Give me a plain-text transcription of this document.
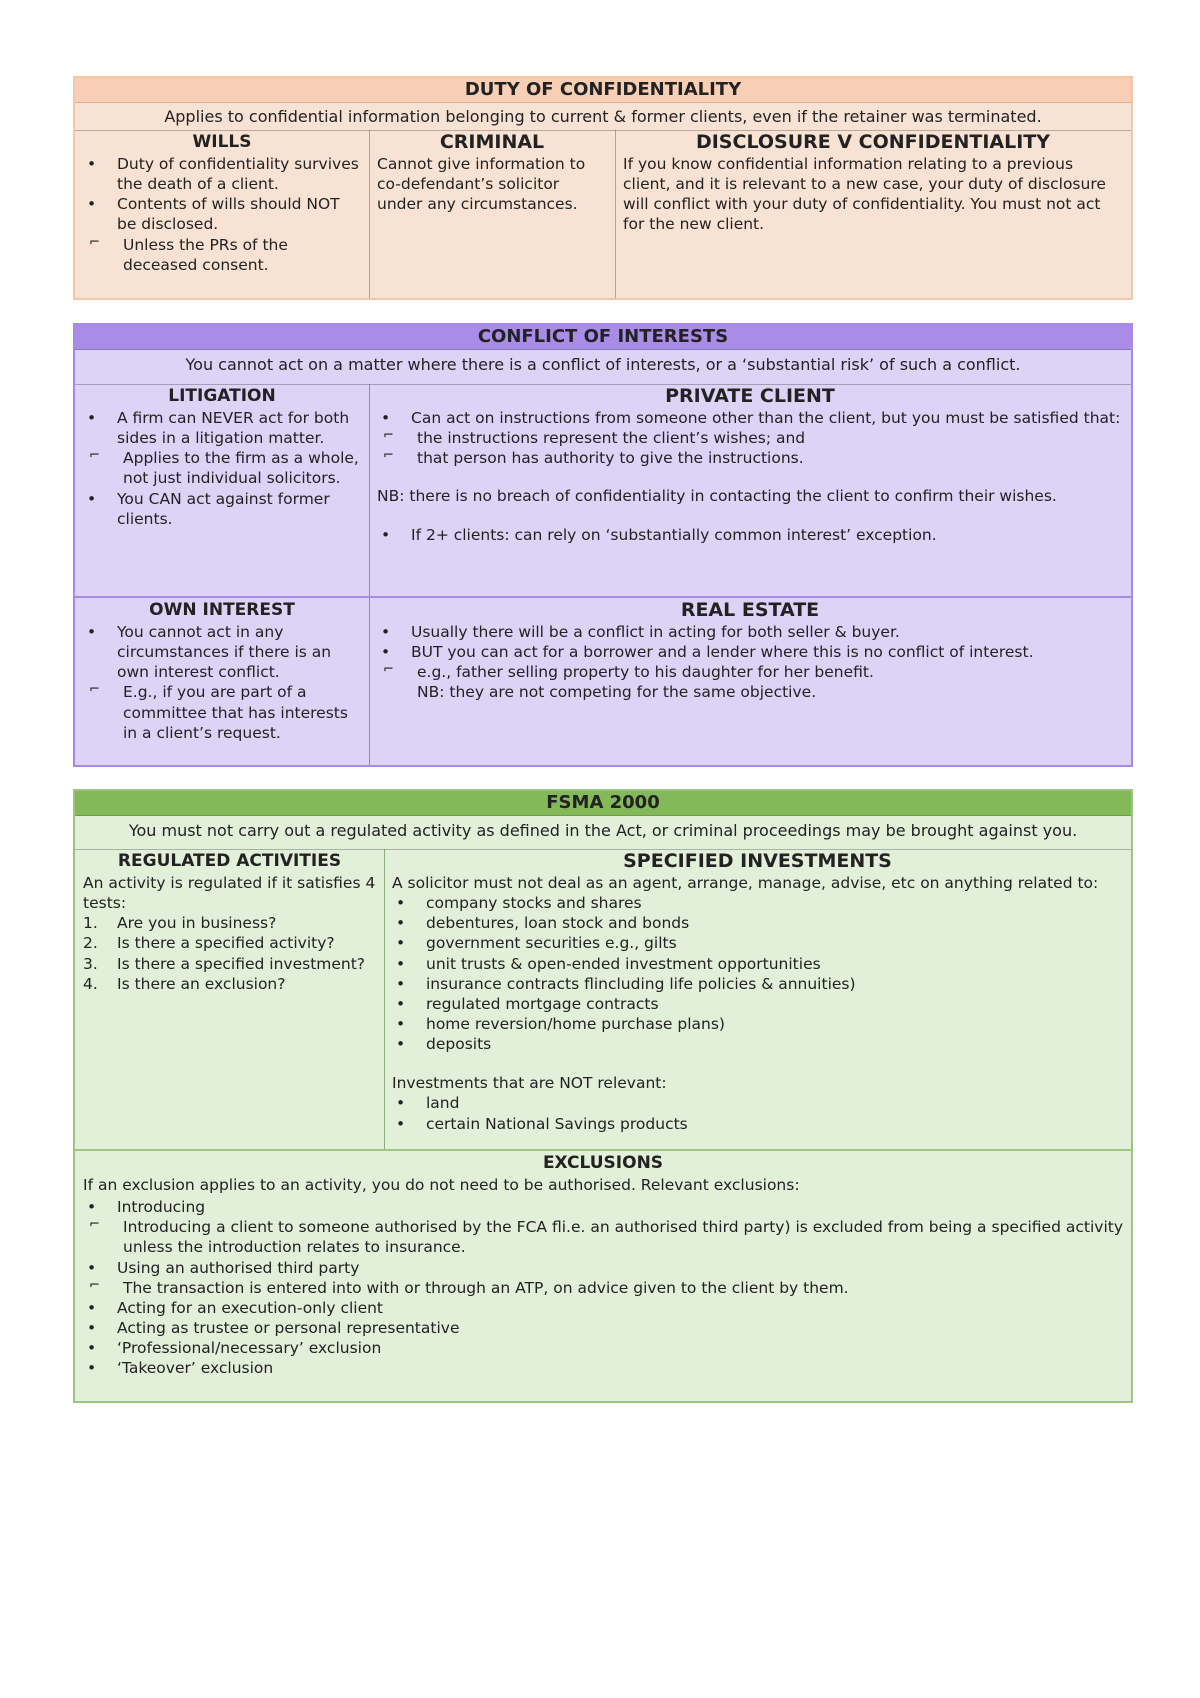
DUTY OF CONFIDENTIALITY
Applies to confidential information belonging to current & former clients, even if the retainer was terminated.
WILLS
• Duty of confidentiality survives the death of a client.
• Contents of wills should NOT be disclosed.
⌐ Unless the PRs of the deceased consent.
CRIMINAL

Cannot give information to co-defendant’s solicitor under any circumstances.

DISCLOSURE V CONFIDENTIALITY

If you know confidential information relating to a previous client, and it is relevant to a new case, your duty of disclosure will conflict with your duty of confidentiality. You must not act for the new client.

CONFLICT OF INTERESTS
You cannot act on a matter where there is a conflict of interests, or a ‘substantial risk’ of such a conflict.
LITIGATION
• A firm can NEVER act for both sides in a litigation matter.
⌐ Applies to the firm as a whole, not just individual solicitors.
• You CAN act against former clients.
PRIVATE CLIENT
• Can act on instructions from someone other than the client, but you must be satisfied that:
⌐ the instructions represent the client’s wishes; and
⌐ that person has authority to give the instructions.

NB: there is no breach of confidentiality in contacting the client to confirm their wishes.

• If 2+ clients: can rely on ‘substantially common interest’ exception.
OWN INTEREST
• You cannot act in any circumstances if there is an own interest conflict.
⌐ E.g., if you are part of a committee that has interests in a client’s request.
REAL ESTATE
• Usually there will be a conflict in acting for both seller & buyer.
• BUT you can act for a borrower and a lender where this is no conflict of interest.
⌐ e.g., father selling property to his daughter for her benefit.
NB: they are not competing for the same objective.
FSMA 2000
You must not carry out a regulated activity as defined in the Act, or criminal proceedings may be brought against you.
REGULATED ACTIVITIES

An activity is regulated if it satisfies 4 tests:

1. Are you in business?
2. Is there a specified activity?
3. Is there a specified investment?
4. Is there an exclusion?
SPECIFIED INVESTMENTS

A solicitor must not deal as an agent, arrange, manage, advise, etc on anything related to:

• company stocks and shares
• debentures, loan stock and bonds
• government securities e.g., gilts
• unit trusts & open-ended investment opportunities
• insurance contracts flincluding life policies & annuities)
• regulated mortgage contracts
• home reversion/home purchase plans)
• deposits

Investments that are NOT relevant:

• land
• certain National Savings products
EXCLUSIONS

If an exclusion applies to an activity, you do not need to be authorised. Relevant exclusions:

• Introducing
⌐ Introducing a client to someone authorised by the FCA fli.e. an authorised third party) is excluded from being a specified activity unless the introduction relates to insurance.
• Using an authorised third party
⌐ The transaction is entered into with or through an ATP, on advice given to the client by them.
• Acting for an execution-only client
• Acting as trustee or personal representative
• ‘Professional/necessary’ exclusion
• ‘Takeover’ exclusion
